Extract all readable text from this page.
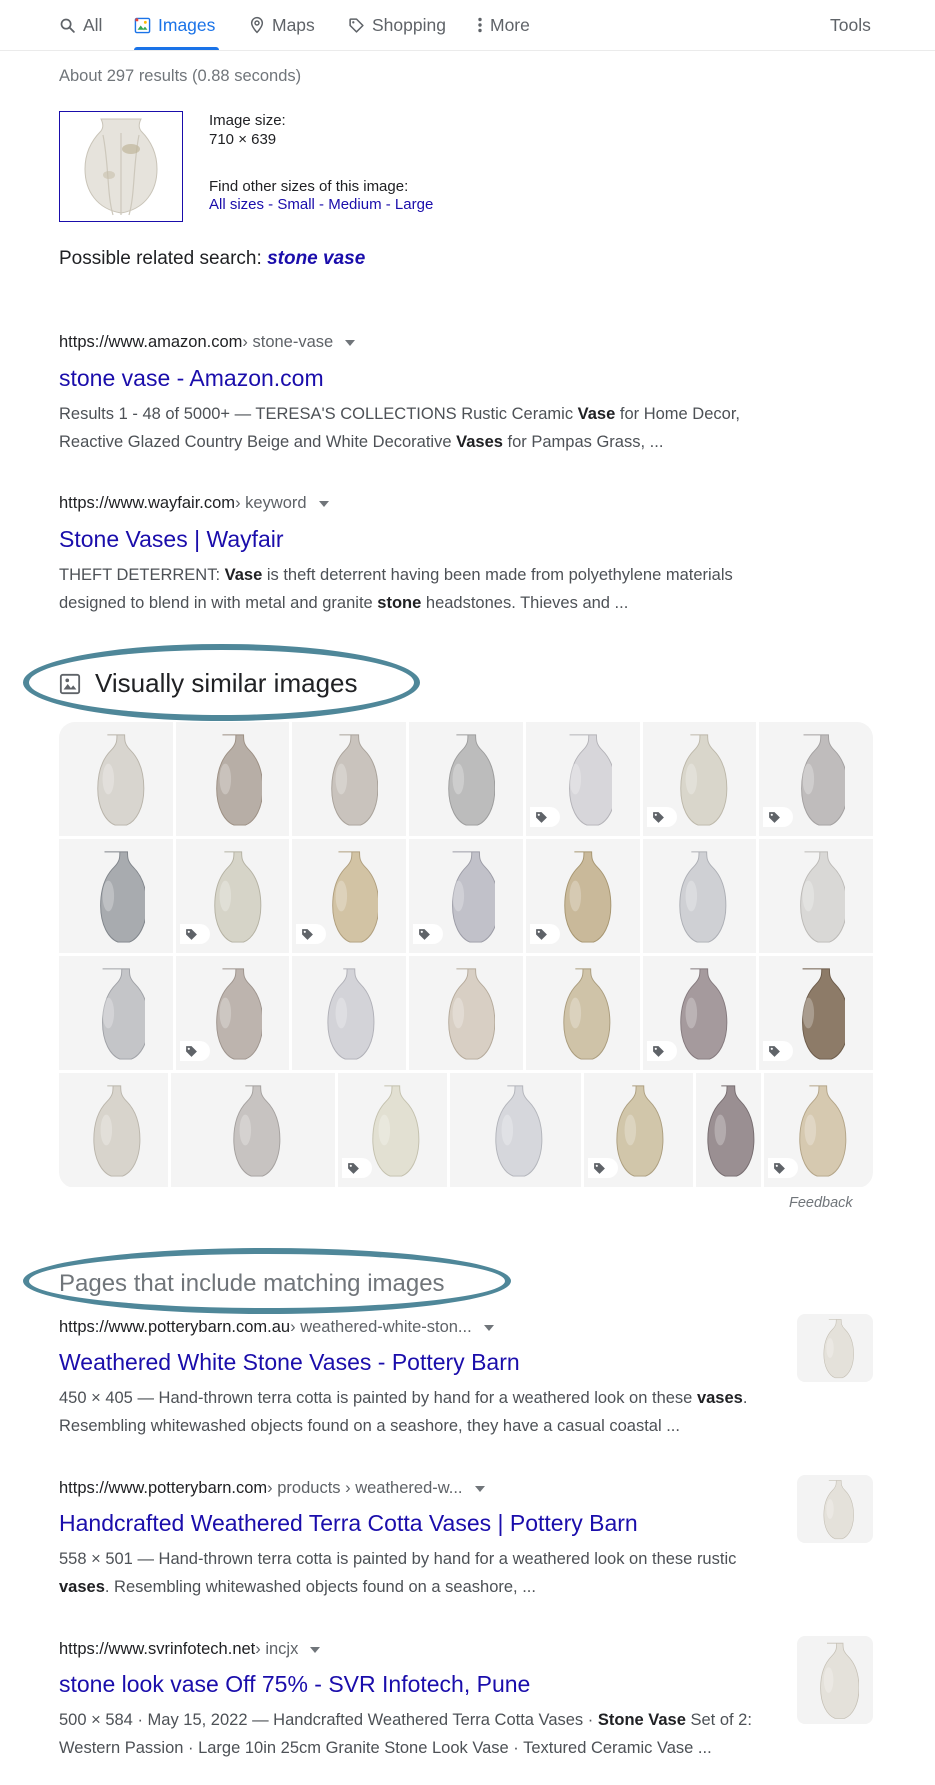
All	Images	Maps	Shopping	More	Tools
About 297 results (0.88 seconds)
Image size:
710 × 639
Find other sizes of this image:
All sizes - Small - Medium - Large
Possible related search: stone vase
https://www.amazon.com › stone-vase
stone vase - Amazon.com
Results 1 - 48 of 5000+ — TERESA'S COLLECTIONS Rustic Ceramic Vase for Home Decor,
Reactive Glazed Country Beige and White Decorative Vases for Pampas Grass, ...
https://www.wayfair.com › keyword
Stone Vases | Wayfair
THEFT DETERRENT: Vase is theft deterrent having been made from polyethylene materials
designed to blend in with metal and granite stone headstones. Thieves and ...
Visually similar images
Feedback
Pages that include matching images
https://www.potterybarn.com.au › weathered-white-ston...
Weathered White Stone Vases - Pottery Barn
450 × 405 — Hand-thrown terra cotta is painted by hand for a weathered look on these vases.
Resembling whitewashed objects found on a seashore, they have a casual coastal ...
https://www.potterybarn.com › products › weathered-w...
Handcrafted Weathered Terra Cotta Vases | Pottery Barn
558 × 501 — Hand-thrown terra cotta is painted by hand for a weathered look on these rustic
vases. Resembling whitewashed objects found on a seashore, ...
https://www.svrinfotech.net › incjx
stone look vase Off 75% - SVR Infotech, Pune
500 × 584 · May 15, 2022 — Handcrafted Weathered Terra Cotta Vases · Stone Vase Set of 2:
Western Passion · Large 10in 25cm Granite Stone Look Vase · Textured Ceramic Vase ...
